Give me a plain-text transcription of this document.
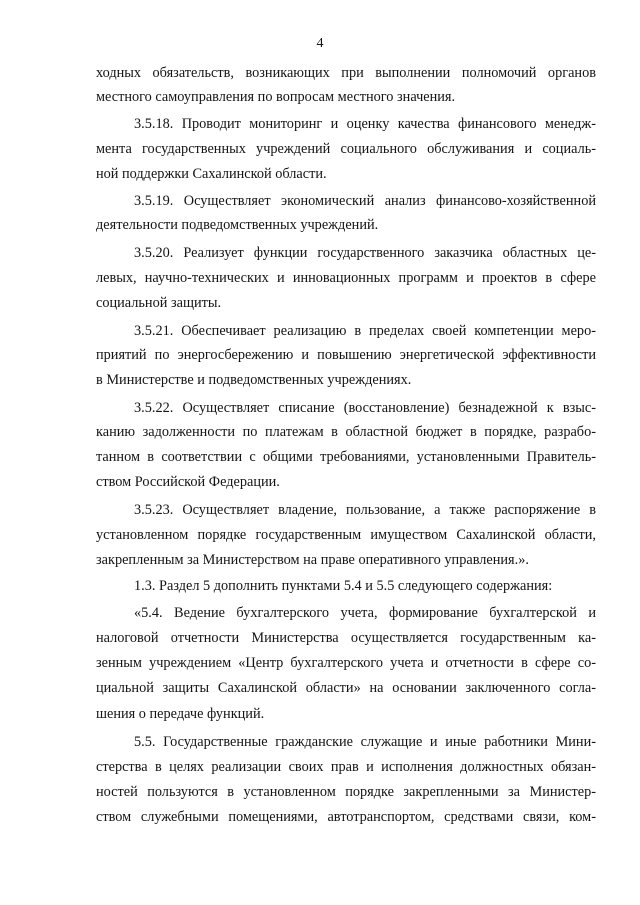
4
ходных обязательств, возникающих при выполнении полномочий органов
местного самоуправления по вопросам местного значения.
3.5.18. Проводит мониторинг и оценку качества финансового менедж-
мента государственных учреждений социального обслуживания и социаль-
ной поддержки Сахалинской области.
3.5.19. Осуществляет экономический анализ финансово-хозяйственной
деятельности подведомственных учреждений.
3.5.20. Реализует функции государственного заказчика областных це-
левых, научно-технических и инновационных программ и проектов в сфере
социальной защиты.
3.5.21. Обеспечивает реализацию в пределах своей компетенции меро-
приятий по энергосбережению и повышению энергетической эффективности
в Министерстве и подведомственных учреждениях.
3.5.22. Осуществляет списание (восстановление) безнадежной к взыс-
канию задолженности по платежам в областной бюджет в порядке, разрабо-
танном в соответствии с общими требованиями, установленными Правитель-
ством Российской Федерации.
3.5.23. Осуществляет владение, пользование, а также распоряжение в
установленном порядке государственным имуществом Сахалинской области,
закрепленным за Министерством на праве оперативного управления.».
1.3. Раздел 5 дополнить пунктами 5.4 и 5.5 следующего содержания:
«5.4. Ведение бухгалтерского учета, формирование бухгалтерской и
налоговой отчетности Министерства осуществляется государственным ка-
зенным учреждением «Центр бухгалтерского учета и отчетности в сфере со-
циальной защиты Сахалинской области» на основании заключенного согла-
шения о передаче функций.
5.5. Государственные гражданские служащие и иные работники Мини-
стерства в целях реализации своих прав и исполнения должностных обязан-
ностей пользуются в установленном порядке закрепленными за Министер-
ством служебными помещениями, автотранспортом, средствами связи, ком-
